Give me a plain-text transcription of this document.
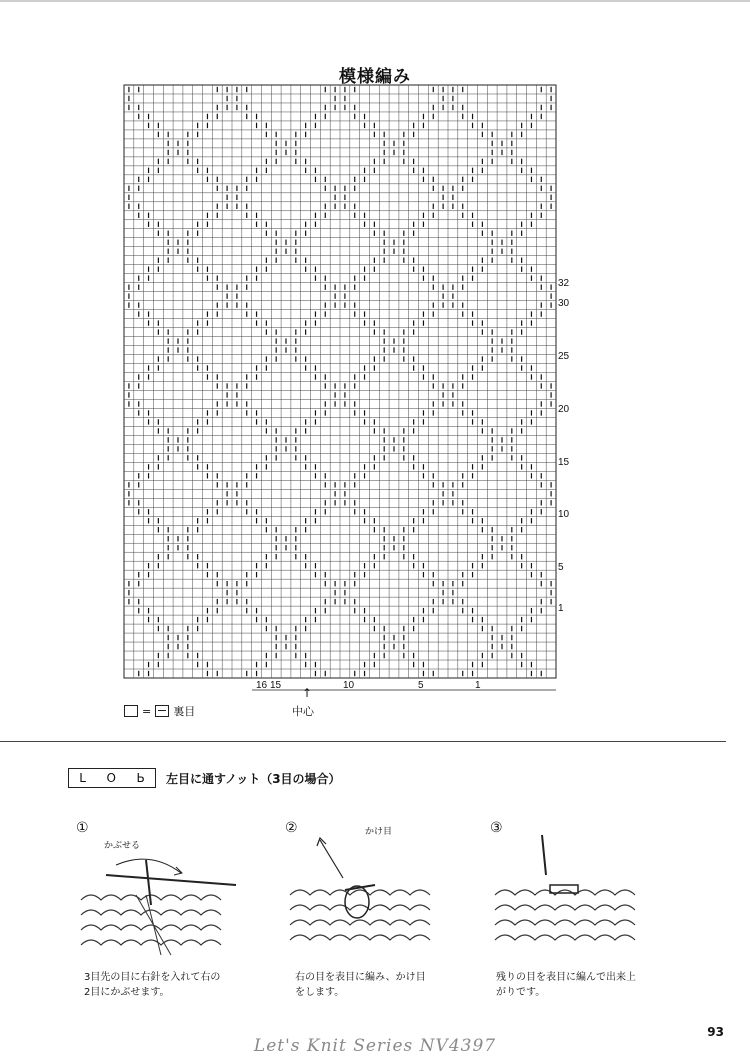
模様編み
32
30
25
20
15
10
5
1
16 15	10	5	1
= 裏目
↑
中心
L O Ь 左目に通すノット（3目の場合）
①
かぶせる
3目先の目に右針を入れて右の
2目にかぶせます。
②	かけ目
右の目を表目に編み、かけ目
をします。
③
残りの目を表目に編んで出来上
がりです。
Let's Knit Series NV4397
93
